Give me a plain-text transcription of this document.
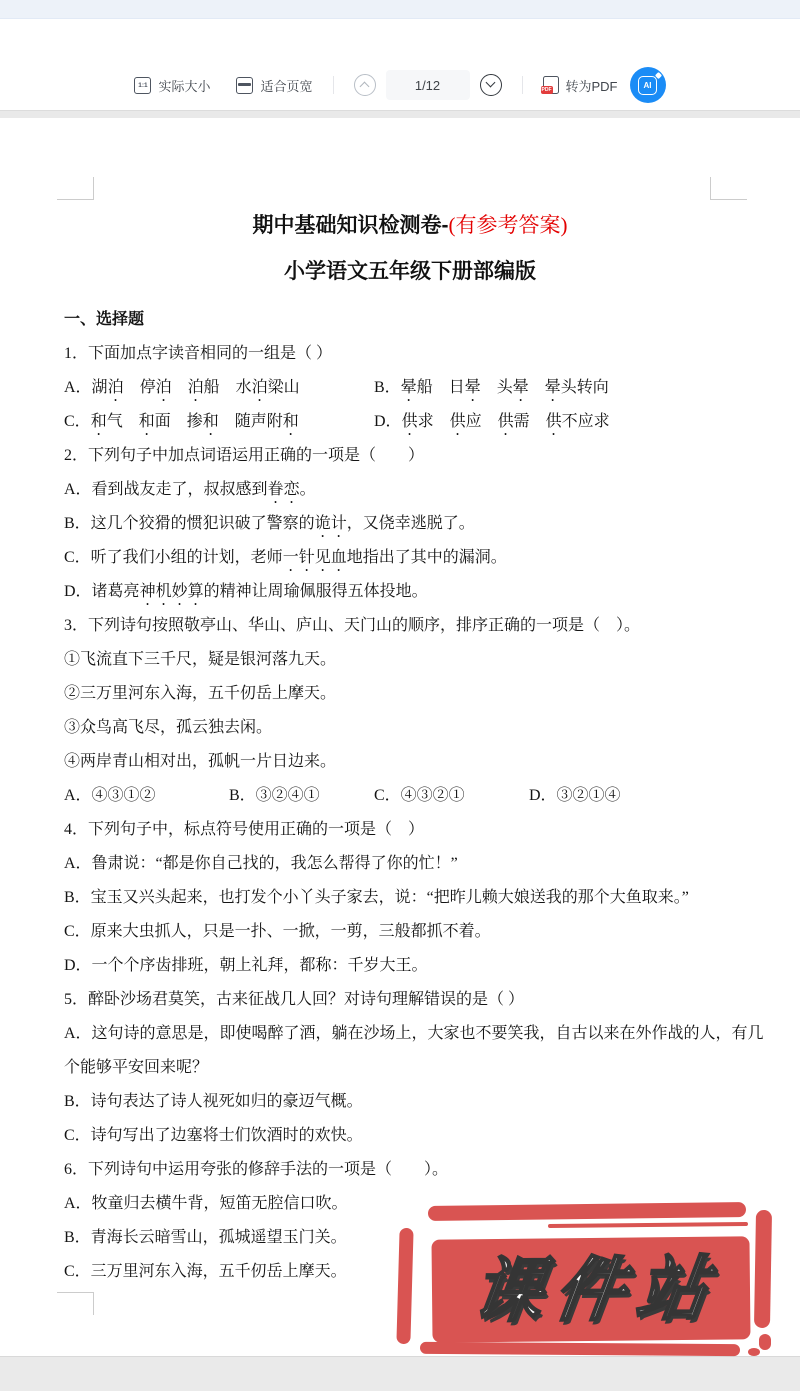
1:1 实际大小	适合页宽	1/12	PDF 转为PDF	AI
期中基础知识检测卷-(有参考答案)
小学语文五年级下册部编版
一、选择题
1．下面加点字读音相同的一组是（ ）
A．湖泊　停泊　 泊船　水泊梁山	B．晕船　日晕　头晕　 晕头转向
C．和气　和面　掺和　随声附和	D．供求　供应　供需　供不应求
2．下列句子中加点词语运用正确的一项是（　　）
A．看到战友走了，叔叔感到眷恋。
B．这几个狡猾的惯犯识破了警察的诡计，又侥幸逃脱了。
C．听了我们小组的计划，老师一针见血地指出了其中的漏洞。
D．诸葛亮神机妙算的精神让周瑜佩服得五体投地。
3．下列诗句按照敬亭山、华山、庐山、天门山的顺序，排序正确的一项是（　）。
①飞流直下三千尺，疑是银河落九天。
②三万里河东入海，五千仞岳上摩天。
③众鸟高飞尽，孤云独去闲。
④两岸青山相对出，孤帆一片日边来。
A．④③①②	B．③②④①	C．④③②①	D．③②①④
4．下列句子中，标点符号使用正确的一项是（　）
A．鲁肃说：“都是你自己找的，我怎么帮得了你的忙！”
B．宝玉又兴头起来，也打发个小丫头子家去，说：“把昨儿赖大娘送我的那个大鱼取来。”
C．原来大虫抓人，只是一扑、一掀，一剪，三般都抓不着。
D．一个个序齿排班，朝上礼拜，都称：千岁大王。
5．醉卧沙场君莫笑，古来征战几人回？对诗句理解错误的是（ ）
A．这句诗的意思是，即使喝醉了酒，躺在沙场上，大家也不要笑我，自古以来在外作战的人，有几
个能够平安回来呢？
B．诗句表达了诗人视死如归的豪迈气概。
C．诗句写出了边塞将士们饮酒时的欢快。
6．下列诗句中运用夸张的修辞手法的一项是（　　）。
A．牧童归去横牛背，短笛无腔信口吹。
B．青海长云暗雪山，孤城遥望玉门关。
C．三万里河东入海，五千仞岳上摩天。	课件站
